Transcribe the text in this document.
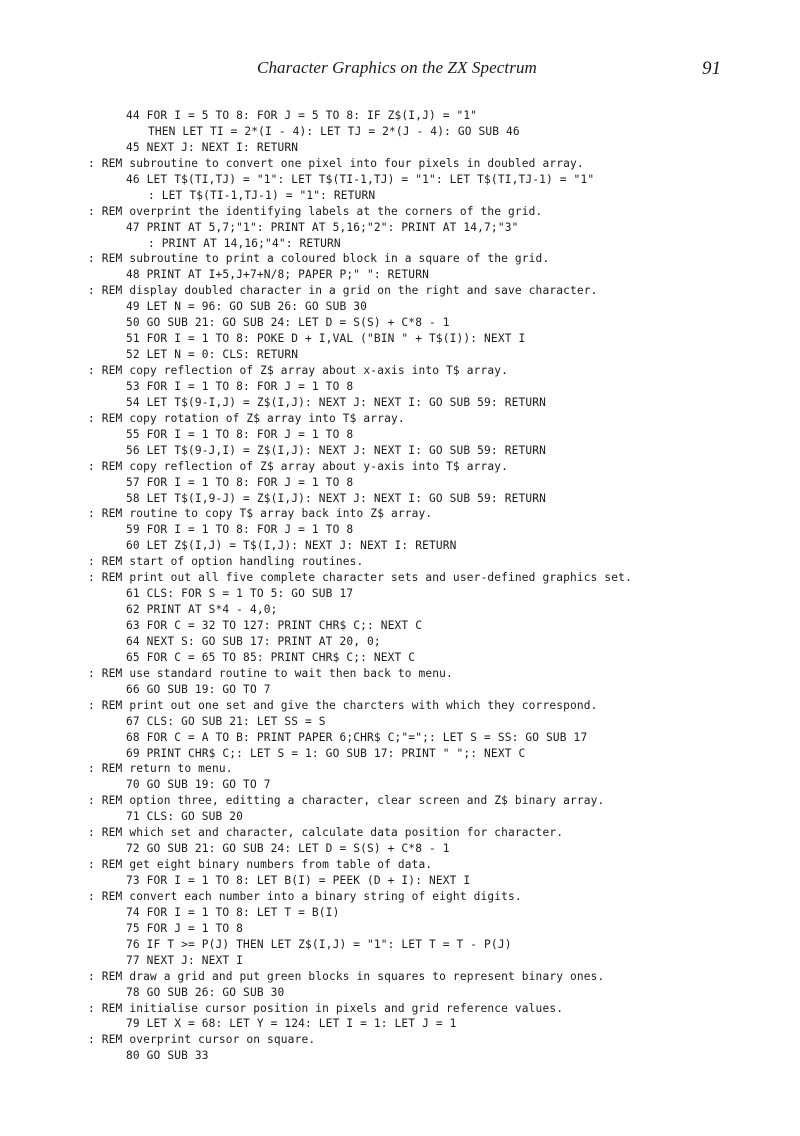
Character Graphics on the ZX Spectrum	91
44 FOR I = 5 TO 8: FOR J = 5 TO 8: IF Z$(I,J) = "1"
THEN LET TI = 2*(I - 4): LET TJ = 2*(J - 4): GO SUB 46
45 NEXT J: NEXT I: RETURN
: REM subroutine to convert one pixel into four pixels in doubled array.
46 LET T$(TI,TJ) = "1": LET T$(TI-1,TJ) = "1": LET T$(TI,TJ-1) = "1"
: LET T$(TI-1,TJ-1) = "1": RETURN
: REM overprint the identifying labels at the corners of the grid.
47 PRINT AT 5,7;"1": PRINT AT 5,16;"2": PRINT AT 14,7;"3"
: PRINT AT 14,16;"4": RETURN
: REM subroutine to print a coloured block in a square of the grid.
48 PRINT AT I+5,J+7+N/8; PAPER P;" ": RETURN
: REM display doubled character in a grid on the right and save character.
49 LET N = 96: GO SUB 26: GO SUB 30
50 GO SUB 21: GO SUB 24: LET D = S(S) + C*8 - 1
51 FOR I = 1 TO 8: POKE D + I,VAL ("BIN " + T$(I)): NEXT I
52 LET N = 0: CLS: RETURN
: REM copy reflection of Z$ array about x-axis into T$ array.
53 FOR I = 1 TO 8: FOR J = 1 TO 8
54 LET T$(9-I,J) = Z$(I,J): NEXT J: NEXT I: GO SUB 59: RETURN
: REM copy rotation of Z$ array into T$ array.
55 FOR I = 1 TO 8: FOR J = 1 TO 8
56 LET T$(9-J,I) = Z$(I,J): NEXT J: NEXT I: GO SUB 59: RETURN
: REM copy reflection of Z$ array about y-axis into T$ array.
57 FOR I = 1 TO 8: FOR J = 1 TO 8
58 LET T$(I,9-J) = Z$(I,J): NEXT J: NEXT I: GO SUB 59: RETURN
: REM routine to copy T$ array back into Z$ array.
59 FOR I = 1 TO 8: FOR J = 1 TO 8
60 LET Z$(I,J) = T$(I,J): NEXT J: NEXT I: RETURN
: REM start of option handling routines.
: REM print out all five complete character sets and user-defined graphics set.
61 CLS: FOR S = 1 TO 5: GO SUB 17
62 PRINT AT S*4 - 4,0;
63 FOR C = 32 TO 127: PRINT CHR$ C;: NEXT C
64 NEXT S: GO SUB 17: PRINT AT 20, 0;
65 FOR C = 65 TO 85: PRINT CHR$ C;: NEXT C
: REM use standard routine to wait then back to menu.
66 GO SUB 19: GO TO 7
: REM print out one set and give the charcters with which they correspond.
67 CLS: GO SUB 21: LET SS = S
68 FOR C = A TO B: PRINT PAPER 6;CHR$ C;"=";: LET S = SS: GO SUB 17
69 PRINT CHR$ C;: LET S = 1: GO SUB 17: PRINT " ";: NEXT C
: REM return to menu.
70 GO SUB 19: GO TO 7
: REM option three, editting a character, clear screen and Z$ binary array.
71 CLS: GO SUB 20
: REM which set and character, calculate data position for character.
72 GO SUB 21: GO SUB 24: LET D = S(S) + C*8 - 1
: REM get eight binary numbers from table of data.
73 FOR I = 1 TO 8: LET B(I) = PEEK (D + I): NEXT I
: REM convert each number into a binary string of eight digits.
74 FOR I = 1 TO 8: LET T = B(I)
75 FOR J = 1 TO 8
76 IF T >= P(J) THEN LET Z$(I,J) = "1": LET T = T - P(J)
77 NEXT J: NEXT I
: REM draw a grid and put green blocks in squares to represent binary ones.
78 GO SUB 26: GO SUB 30
: REM initialise cursor position in pixels and grid reference values.
79 LET X = 68: LET Y = 124: LET I = 1: LET J = 1
: REM overprint cursor on square.
80 GO SUB 33
